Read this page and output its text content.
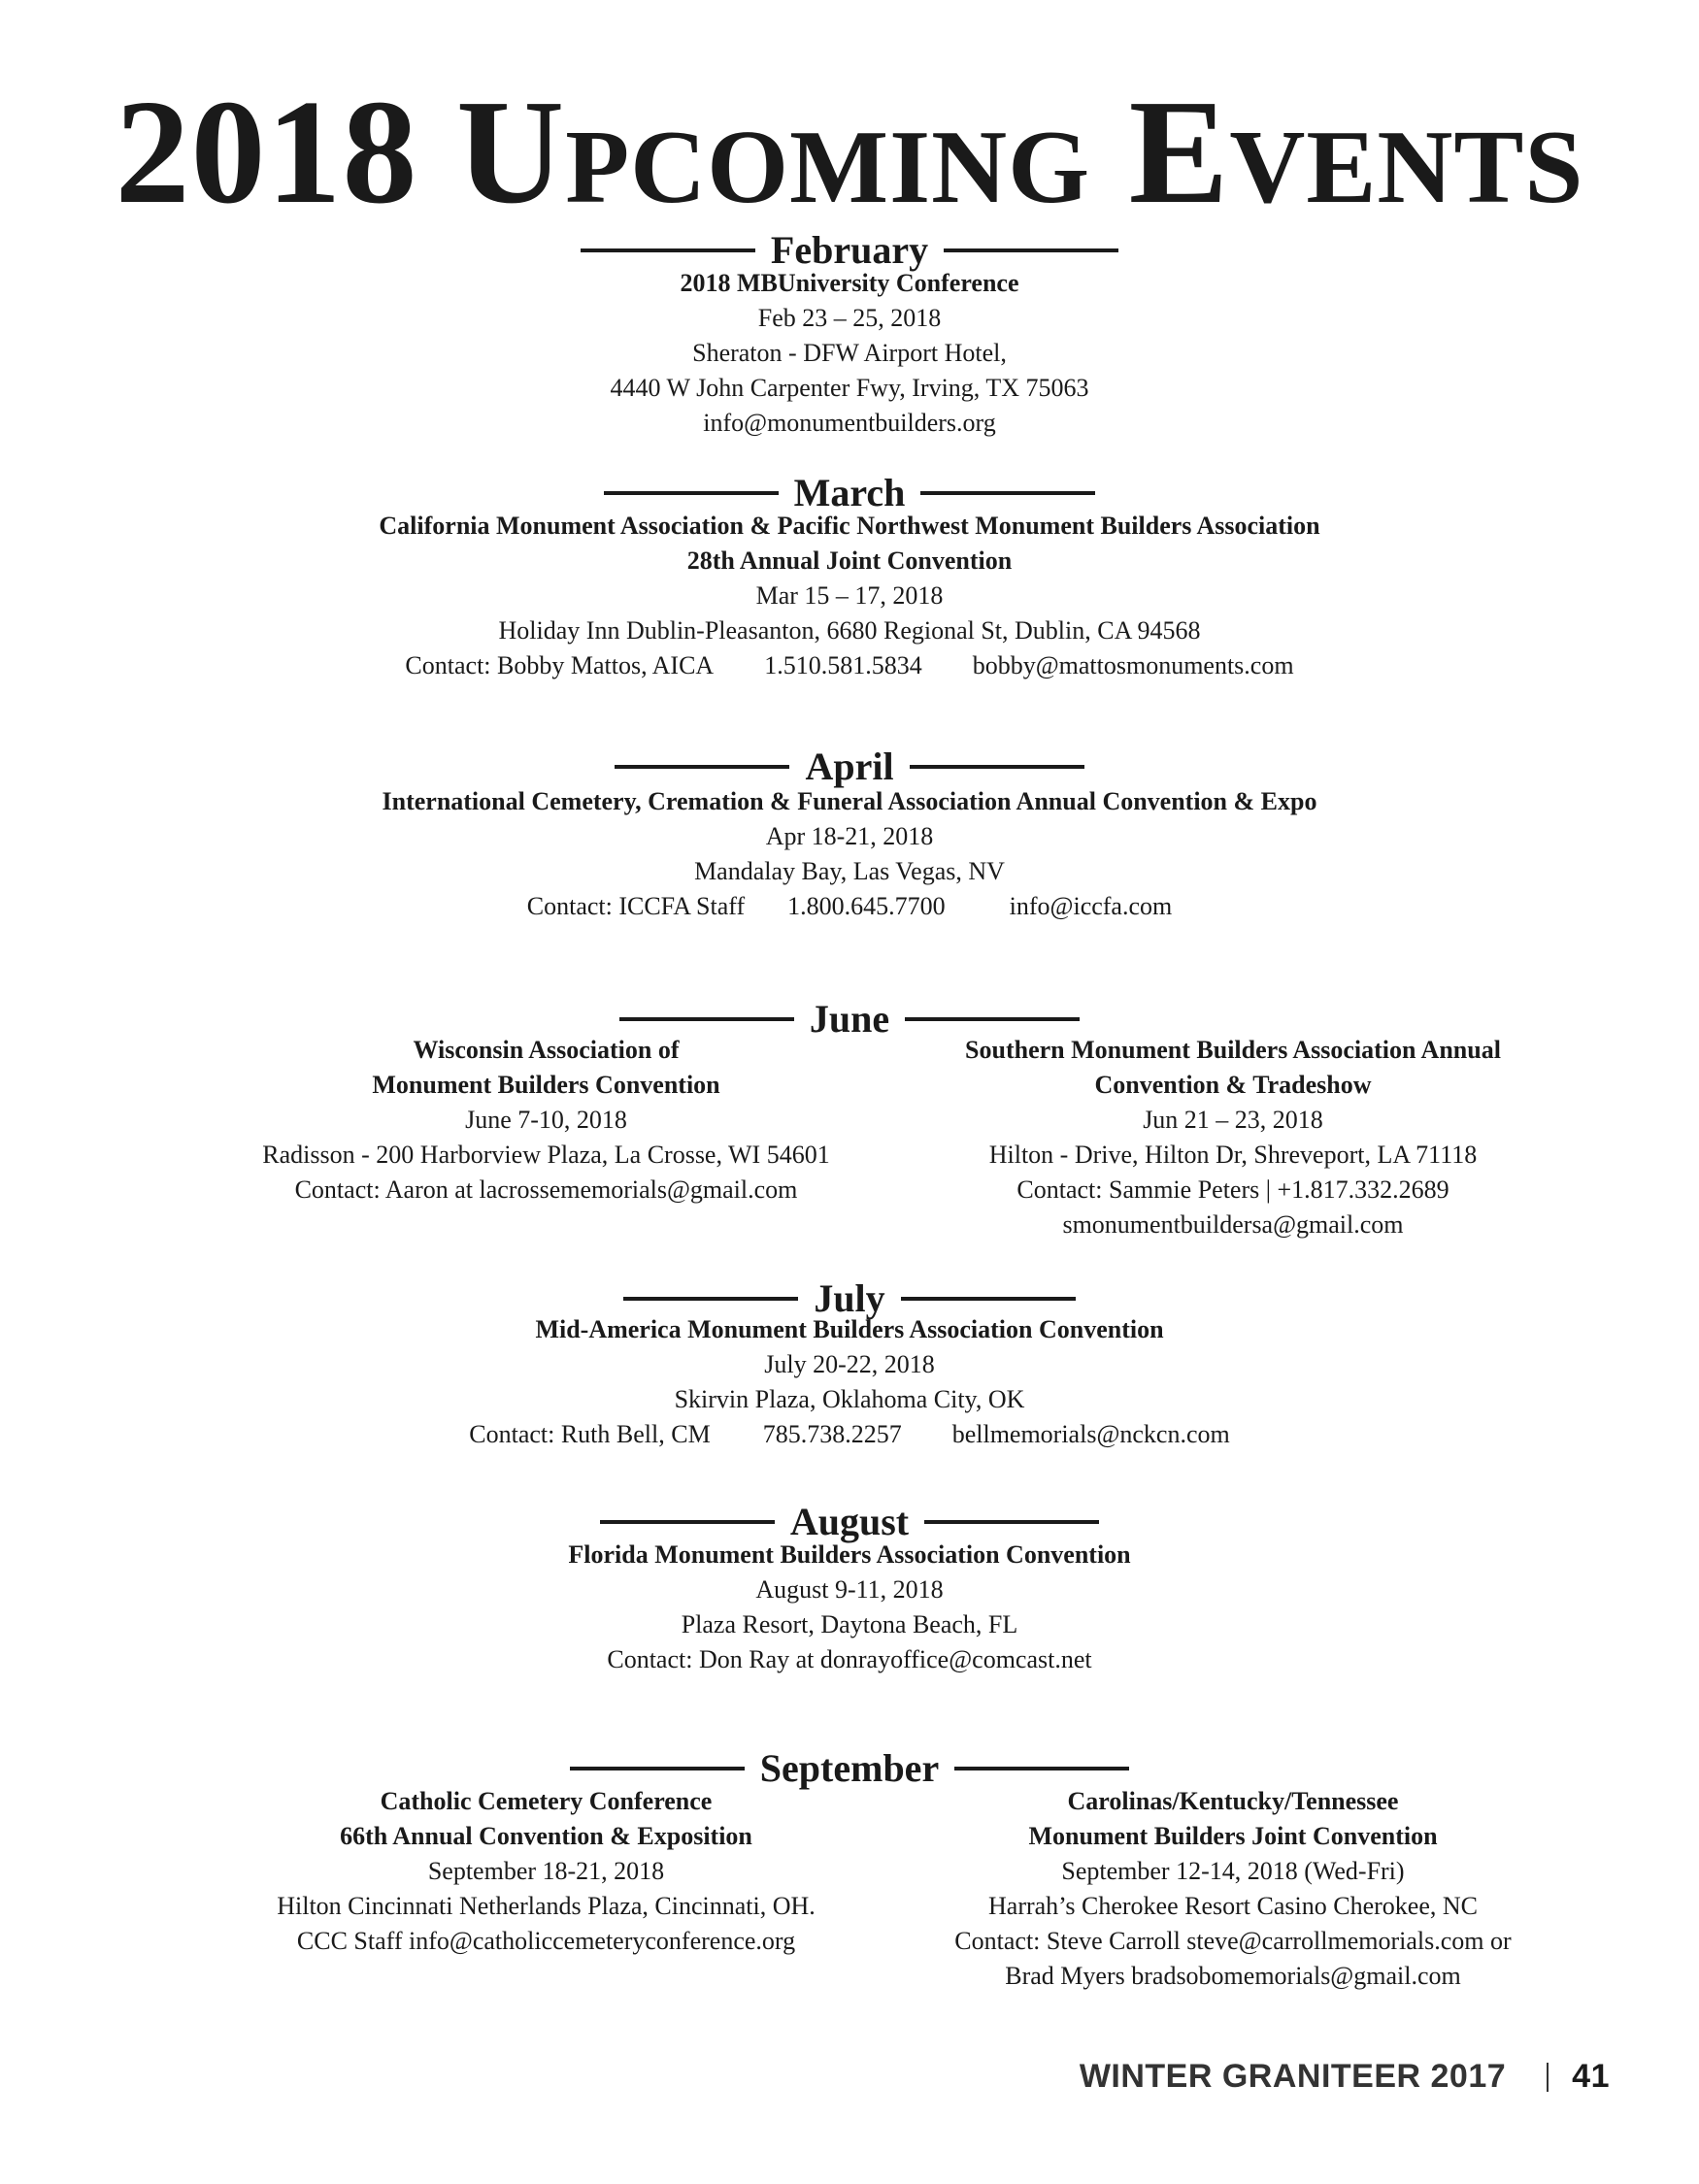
2018 Upcoming Events
February
2018 MBUniversity Conference
Feb 23 – 25, 2018
Sheraton - DFW Airport Hotel,
4440 W John Carpenter Fwy, Irving, TX 75063
info@monumentbuilders.org
March
California Monument Association & Pacific Northwest Monument Builders Association
28th Annual Joint Convention
Mar 15 – 17, 2018
Holiday Inn Dublin-Pleasanton, 6680 Regional St, Dublin, CA 94568
Contact: Bobby Mattos, AICA 1.510.581.5834 bobby@mattosmonuments.com
April
International Cemetery, Cremation & Funeral Association Annual Convention & Expo
Apr 18-21, 2018
Mandalay Bay, Las Vegas, NV
Contact: ICCFA Staff 1.800.645.7700	info@iccfa.com
June
Wisconsin Association of
Monument Builders Convention
June 7-10, 2018
Radisson - 200 Harborview Plaza, La Crosse, WI 54601
Contact: Aaron at lacrossememorials@gmail.com
Southern Monument Builders Association Annual
Convention & Tradeshow
Jun 21 – 23, 2018
Hilton - Drive, Hilton Dr, Shreveport, LA 71118
Contact: Sammie Peters | +1.817.332.2689
smonumentbuildersa@gmail.com
July
Mid-America Monument Builders Association Convention
July 20-22, 2018
Skirvin Plaza, Oklahoma City, OK
Contact: Ruth Bell, CM 785.738.2257 bellmemorials@nckcn.com
August
Florida Monument Builders Association Convention
August 9-11, 2018
Plaza Resort, Daytona Beach, FL
Contact: Don Ray at donrayoffice@comcast.net
September
Catholic Cemetery Conference
66th Annual Convention & Exposition
September 18-21, 2018
Hilton Cincinnati Netherlands Plaza, Cincinnati, OH.
CCC Staff info@catholiccemeteryconference.org
Carolinas/Kentucky/Tennessee
Monument Builders Joint Convention
September 12-14, 2018 (Wed-Fri)
Harrah’s Cherokee Resort Casino Cherokee, NC
Contact: Steve Carroll steve@carrollmemorials.com or
Brad Myers bradsobomemorials@gmail.com
WINTER GRANITEER 2017 41
